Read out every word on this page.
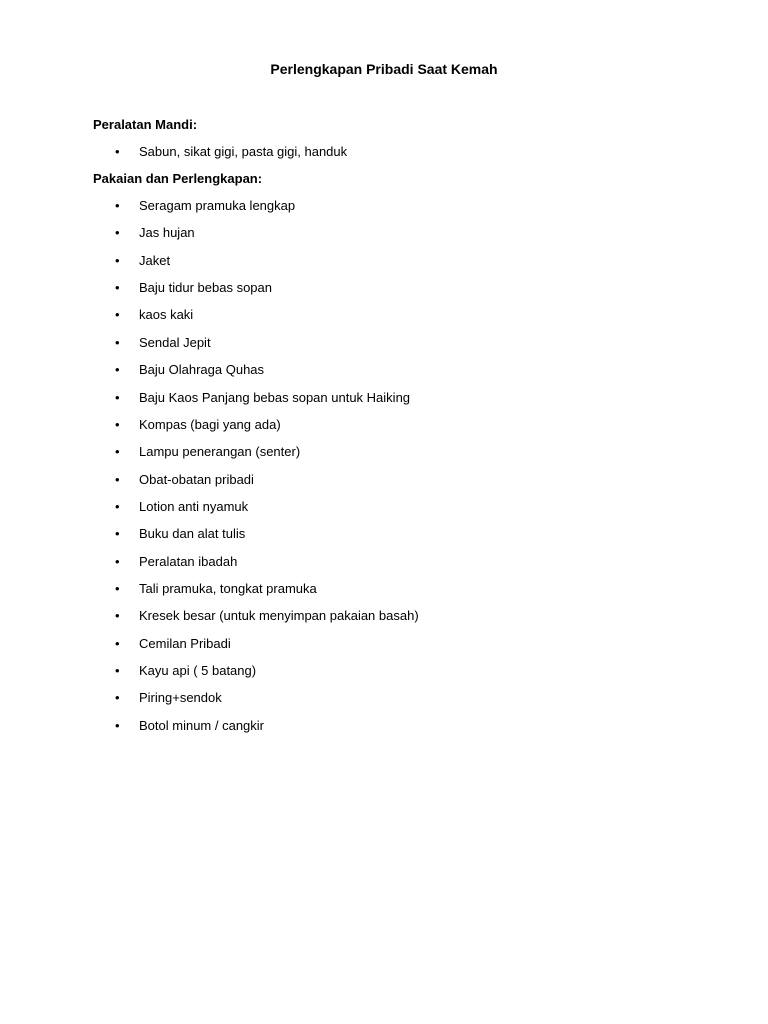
Perlengkapan Pribadi Saat Kemah

Peralatan Mandi:

• Sabun, sikat gigi, pasta gigi, handuk

Pakaian dan Perlengkapan:

• Seragam pramuka lengkap
• Jas hujan
• Jaket
• Baju tidur bebas sopan
• kaos kaki
• Sendal Jepit
• Baju Olahraga Quhas
• Baju Kaos Panjang bebas sopan untuk Haiking
• Kompas (bagi yang ada)
• Lampu penerangan (senter)
• Obat-obatan pribadi
• Lotion anti nyamuk
• Buku dan alat tulis
• Peralatan ibadah
• Tali pramuka, tongkat pramuka
• Kresek besar (untuk menyimpan pakaian basah)
• Cemilan Pribadi
• Kayu api ( 5 batang)
• Piring+sendok
• Botol minum / cangkir
